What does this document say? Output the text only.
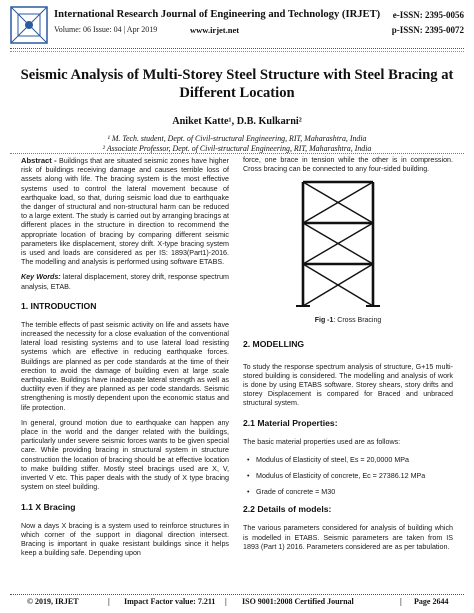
International Research Journal of Engineering and Technology (IRJET) e-ISSN: 2395-0056
p-ISSN: 2395-0072
Volume: 06 Issue: 04 | Apr 2019	www.irjet.net
Seismic Analysis of Multi-Storey Steel Structure with Steel Bracing at Different Location
Aniket Katte¹, D.B. Kulkarni²
¹ M. Tech. student, Dept. of Civil-structural Engineering, RIT, Maharashtra, India
² Associate Professor, Dept. of Civil-structural Engineering, RIT, Maharashtra, India
Abstract - Buildings that are situated seismic zones have higher risk of buildings receiving damage and causes terrible loss of assets along with life. The bracing system is the most effective systems used to control the lateral movement because of earthquake load, so that, during seismic load due to earthquake the danger of structural and non-structural harm can be reduced to a large extent. The study is carried out by arranging bracings at different places in the structure in direction to recommend the appropriate location of bracing by comparing different seismic parameters like displacement, storey drift. X-type bracing system is used and loads are considered as per IS: 1893(Part1)-2016. The modelling and analysis is performed using software ETABS.
Key Words: lateral displacement, storey drift, response spectrum analysis, ETAB.
1. INTRODUCTION
The terrible effects of past seismic activity on life and assets have increased the necessity for a close evaluation of the conventional lateral load resisting systems and to use lateral load resisting systems which are effective in reducing earthquake forces. Buildings are planned as per code standards at the time of their erection to avoid the damage of building even at large scale earthquake. Buildings have inadequate lateral strength as well as ductility even if they are planned as per code standards. Seismic strengthening is mostly dependent upon the economic status and life protection.
In general, ground motion due to earthquake can happen any place in the world and the danger related with the buildings, particularly under severe seismic forces wants to be given special care. While providing bracing in structural system in structure construction the location of bracing should be at effective location to make building stiffer. Mostly steel bracings used are X, V, inverted V etc. This paper deals with the study of X type bracing system on steel building.
1.1 X Bracing
Now a days X bracing is a system used to reinforce structures in which corner of the support in diagonal direction intersect. Bracing is important in quake resistant buildings since it helps keep a building safe. Depending upon
force, one brace in tension while the other is in compression. Cross bracing can be connected to any four-sided building.
Fig -1: Cross Bracing
2. MODELLING
To study the response spectrum analysis of structure, G+15 multi-stored building is considered. The modelling and analysis of work is done by using ETABS software. Storey shears, story drifts and storey Displacement is compared for Braced and unbraced structural system.
2.1 Material Properties:
The basic material properties used are as follows:
• Modulus of Elasticity of steel, Es = 20,0000 MPa
• Modulus of Elasticity of concrete, Ec = 27386.12 MPa
• Grade of concrete = M30
2.2 Details of models:
The various parameters considered for analysis of building which is modelled in ETABS. Seismic parameters are taken from IS 1893 (Part 1) 2016. Parameters considered are as per tabulation.
© 2019, IRJET	| Impact Factor value: 7.211 | ISO 9001:2008 Certified Journal	| Page 2644
